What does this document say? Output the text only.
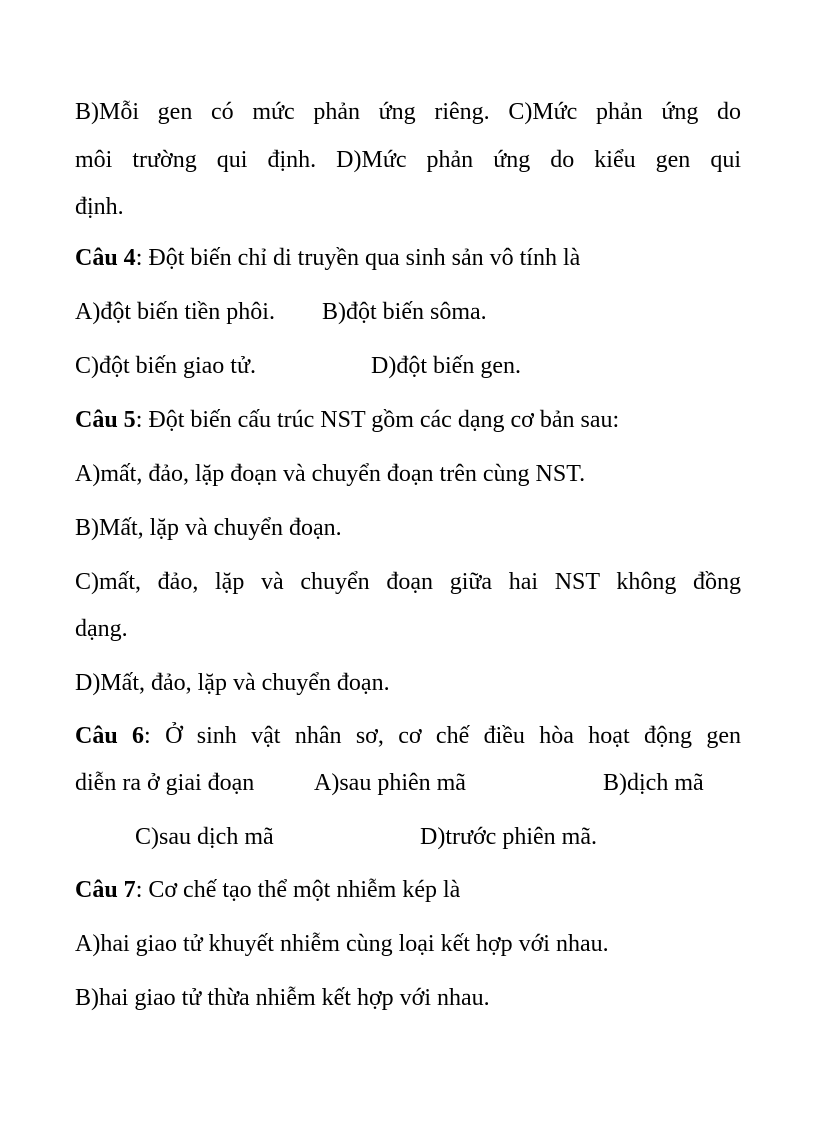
B)Mỗi gen có mức phản ứng riêng. C)Mức phản ứng do
môi trường qui định. D)Mức phản ứng do kiểu gen qui
định.
Câu 4: Đột biến chỉ di truyền qua sinh sản vô tính là
A)đột biến tiền phôi. B)đột biến sôma.
C)đột biến giao tử.	D)đột biến gen.
Câu 5: Đột biến cấu trúc NST gồm các dạng cơ bản sau:
A)mất, đảo, lặp đoạn và chuyển đoạn trên cùng NST.
B)Mất, lặp và chuyển đoạn.
C)mất, đảo, lặp và chuyển đoạn giữa hai NST không đồng
dạng.
D)Mất, đảo, lặp và chuyển đoạn.
Câu 6: Ở sinh vật nhân sơ, cơ chế điều hòa hoạt động gen
diễn ra ở giai đoạn A)sau phiên mã	B)dịch mã
C)sau dịch mã	D)trước phiên mã.
Câu 7: Cơ chế tạo thể một nhiễm kép là
A)hai giao tử khuyết nhiễm cùng loại kết hợp với nhau.
B)hai giao tử thừa nhiễm kết hợp với nhau.
